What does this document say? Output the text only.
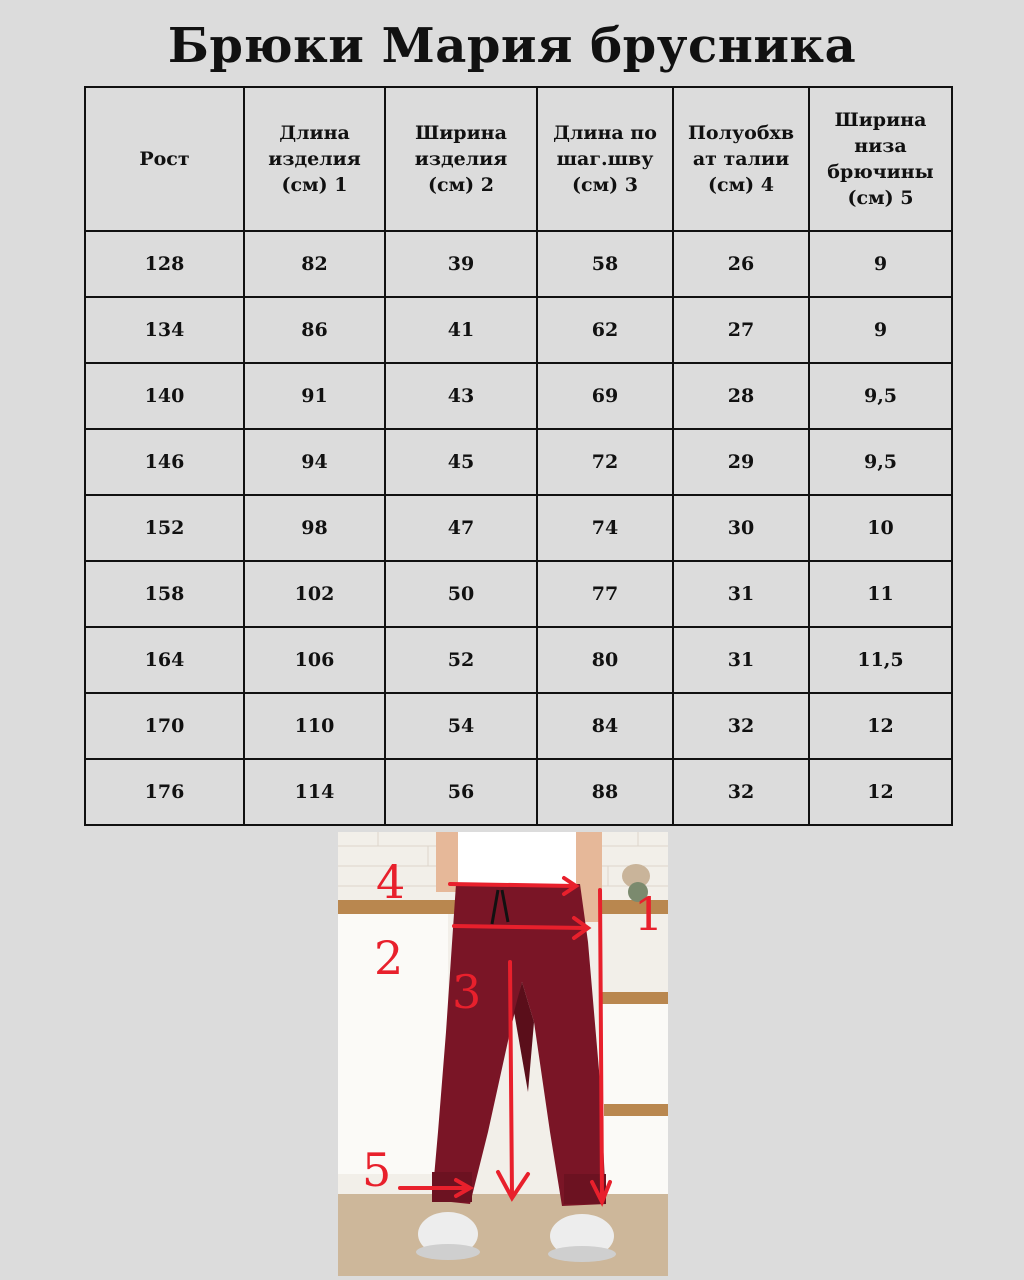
Брюки Мария брусника
Рост	Длина изделия (см) 1	Ширина изделия (см) 2	Длина по шаг.шву (см) 3	Полуобхв ат талии (см) 4	Ширина низа брючины (см) 5
128	82	39	58	26	9
134	86	41	62	27	9
140	91	43	69	28	9,5
146	94	45	72	29	9,5
152	98	47	74	30	10
158	102	50	77	31	11
164	106	52	80	31	11,5
170	110	54	84	32	12
176	114	56	88	32	12
4
1
2
3
5
